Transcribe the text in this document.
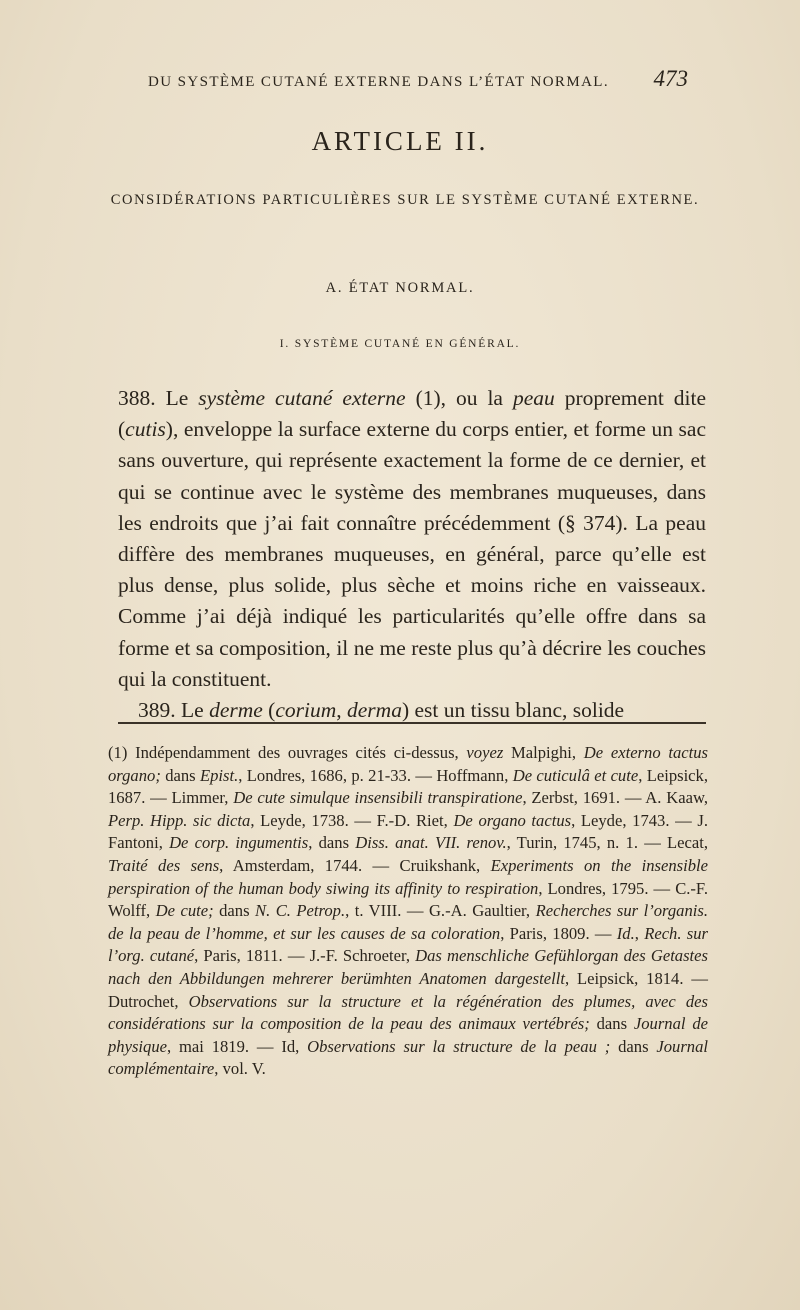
DU SYSTÈME CUTANÉ EXTERNE DANS L’ÉTAT NORMAL. 473
ARTICLE II.
CONSIDÉRATIONS PARTICULIÈRES SUR LE SYSTÈME CUTANÉ EXTERNE.
A. ÉTAT NORMAL.
I. SYSTÈME CUTANÉ EN GÉNÉRAL.

388. Le système cutané externe (1), ou la peau proprement dite (cutis), enveloppe la surface externe du corps entier, et forme un sac sans ouverture, qui représente exactement la forme de ce dernier, et qui se continue avec le système des membranes muqueuses, dans les endroits que j’ai fait connaître précédemment (§ 374). La peau diffère des membranes muqueuses, en général, parce qu’elle est plus dense, plus solide, plus sèche et moins riche en vaisseaux. Comme j’ai déjà indiqué les particularités qu’elle offre dans sa forme et sa composition, il ne me reste plus qu’à décrire les couches qui la constituent.

389. Le derme (corium, derma) est un tissu blanc, solide

(1) Indépendamment des ouvrages cités ci-dessus, voyez Malpighi, De externo tactus organo; dans Epist., Londres, 1686, p. 21-33. — Hoffmann, De cuticulâ et cute, Leipsick, 1687. — Limmer, De cute simulque insensibili transpiratione, Zerbst, 1691. — A. Kaaw, Perp. Hipp. sic dicta, Leyde, 1738. — F.-D. Riet, De organo tactus, Leyde, 1743. — J. Fantoni, De corp. ingumentis, dans Diss. anat. VII. renov., Turin, 1745, n. 1. — Lecat, Traité des sens, Amsterdam, 1744. — Cruikshank, Experiments on the insensible perspiration of the human body siwing its affinity to respiration, Londres, 1795. — C.-F. Wolff, De cute; dans N. C. Petrop., t. VIII. — G.-A. Gaultier, Recherches sur l’organis. de la peau de l’homme, et sur les causes de sa coloration, Paris, 1809. — Id., Rech. sur l’org. cutané, Paris, 1811. — J.-F. Schroeter, Das menschliche Gefühlorgan des Getastes nach den Abbildungen mehrerer berümhten Anatomen dargestellt, Leipsick, 1814. — Dutrochet, Observations sur la structure et la régénération des plumes, avec des considérations sur la composition de la peau des animaux vertébrés; dans Journal de physique, mai 1819. — Id, Observations sur la structure de la peau ; dans Journal complémentaire, vol. V.
